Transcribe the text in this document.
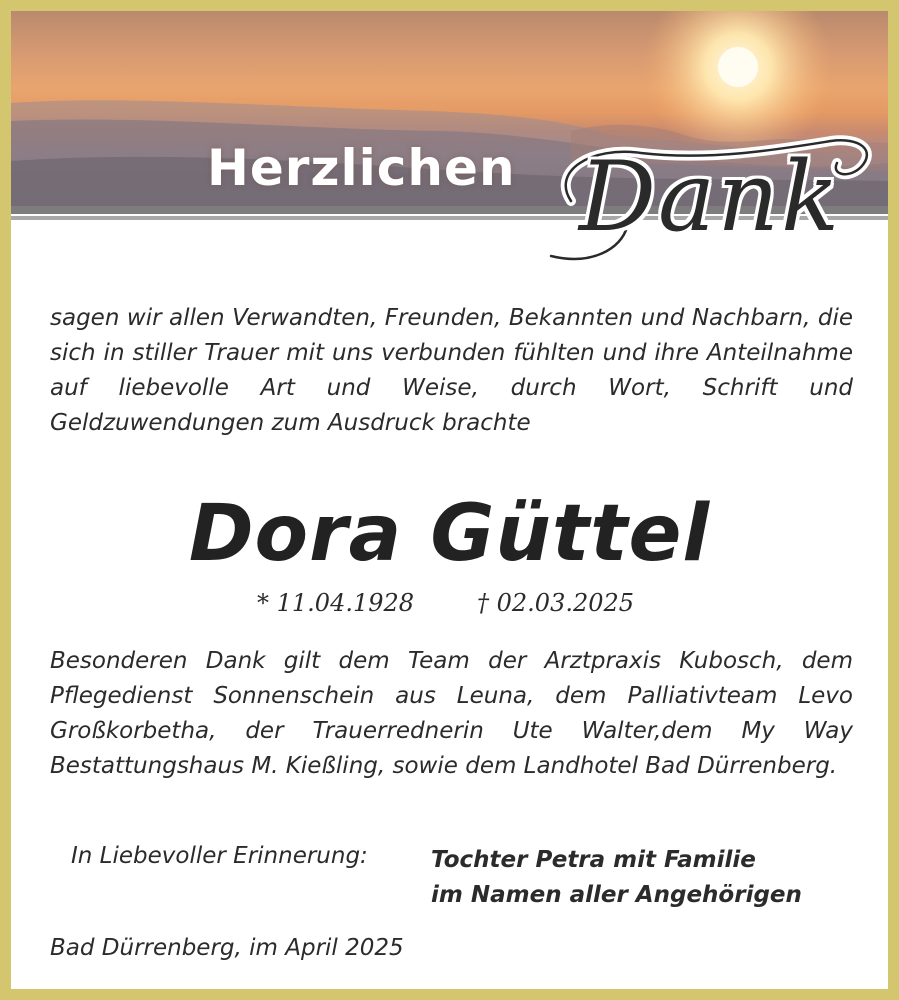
Herzlichen Dank

sagen wir allen Verwandten, Freunden, Bekannten und Nachbarn, die sich in stiller Trauer mit uns verbunden fühlten und ihre Anteilnahme auf liebevolle Art und Weise, durch Wort, Schrift und Geldzuwendungen zum Ausdruck brachte

Dora Güttel
* 11.04.1928	† 02.03.2025

Besonderen Dank gilt dem Team der Arztpraxis Kubosch, dem Pflegedienst Sonnenschein aus Leuna, dem Palliativteam Levo Großkorbetha, der Trauerrednerin Ute Walter,dem My Way Bestattungshaus M. Kießling, sowie dem Landhotel Bad Dürrenberg.

In Liebevoller Erinnerung:	Tochter Petra mit Familie
im Namen aller Angehörigen
Bad Dürrenberg, im April 2025
